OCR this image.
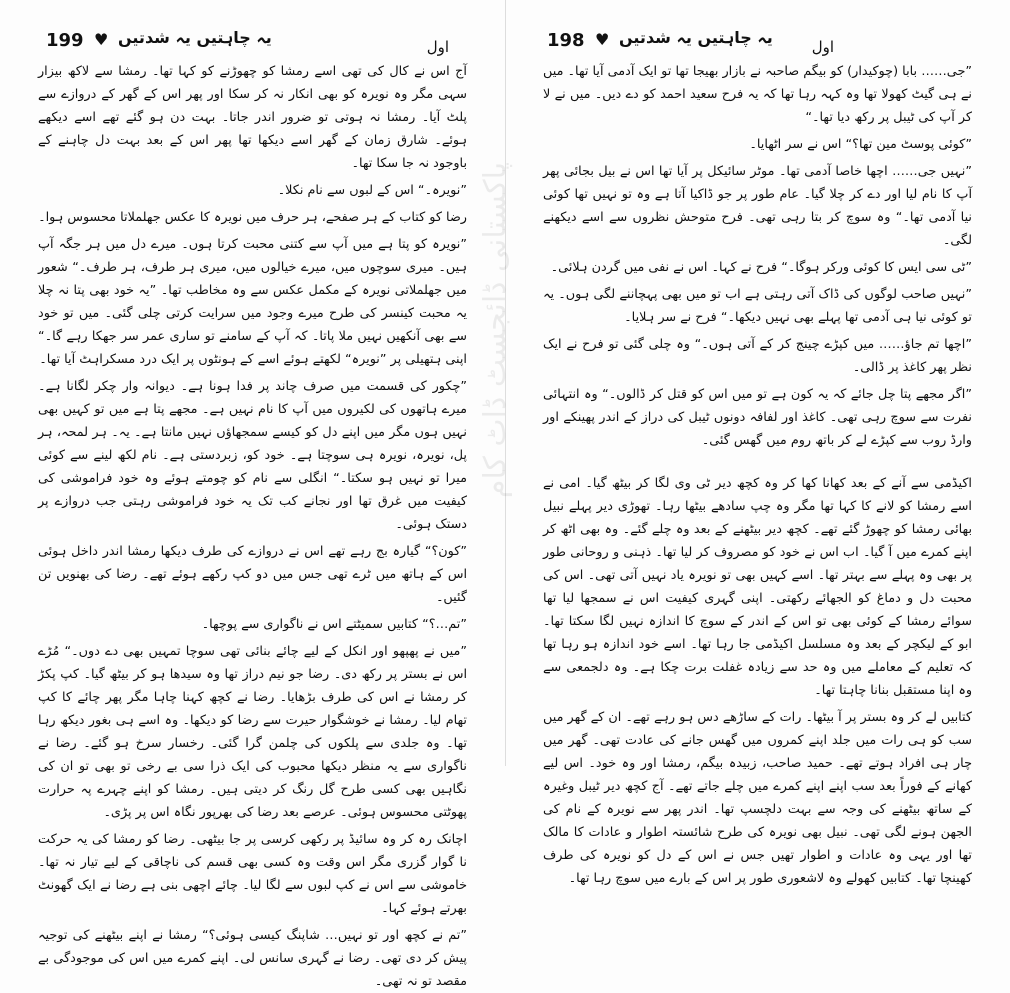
199 ♥ یہ چاہتیں یہ شدتیں	اول

آج اس نے کال کی تھی اسے رمشا کو چھوڑنے کو کہا تھا۔ رمشا سے لاکھ بیزار سہی مگر وہ نویرہ کو بھی انکار نہ کر سکا اور پھر اس کے گھر کے دروازے سے پلٹ آیا۔ رمشا نہ ہوتی تو ضرور اندر جاتا۔ بہت دن ہو گئے تھے اسے دیکھے ہوئے۔ شارق زمان کے گھر اسے دیکھا تھا پھر اس کے بعد بہت دل چاہنے کے باوجود نہ جا سکا تھا۔

”نویرہ۔“ اس کے لبوں سے نام نکلا۔

رضا کو کتاب کے ہر صفحے، ہر حرف میں نویرہ کا عکس جھلملاتا محسوس ہوا۔

”نویرہ کو پتا ہے میں آپ سے کتنی محبت کرتا ہوں۔ میرے دل میں ہر جگہ آپ ہیں۔ میری سوچوں میں، میرے خیالوں میں، میری ہر طرف، ہر طرف۔“ شعور میں جھلملاتی نویرہ کے مکمل عکس سے وہ مخاطب تھا۔ ”یہ خود بھی پتا نہ چلا یہ محبت کینسر کی طرح میرے وجود میں سرایت کرتی چلی گئی۔ میں تو خود سے بھی آنکھیں نہیں ملا پاتا۔ کہ آپ کے سامنے تو ساری عمر سر جھکا رہے گا۔“ اپنی ہتھیلی پر ”نویرہ“ لکھتے ہوئے اسے کے ہونٹوں پر ایک درد مسکراہٹ آیا تھا۔

”چکور کی قسمت میں صرف چاند پر فدا ہونا ہے۔ دیوانہ وار چکر لگانا ہے۔ میرے ہاتھوں کی لکیروں میں آپ کا نام نہیں ہے۔ مجھے پتا ہے میں تو کہیں بھی نہیں ہوں مگر میں اپنے دل کو کیسے سمجھاؤں نہیں مانتا ہے۔ یہ۔ ہر لمحہ، ہر پل، نویرہ، نویرہ ہی سوچتا ہے۔ خود کو، زبردستی ہے۔ نام لکھ لینے سے کوئی میرا تو نہیں ہو سکتا۔“ انگلی سے نام کو چومتے ہوئے وہ خود فراموشی کی کیفیت میں غرق تھا اور نجانے کب تک یہ خود فراموشی رہتی جب دروازے پر دستک ہوئی۔

”کون؟“ گیارہ بج رہے تھے اس نے دروازے کی طرف دیکھا رمشا اندر داخل ہوئی اس کے ہاتھ میں ٹرے تھی جس میں دو کپ رکھے ہوئے تھے۔ رضا کی بھنویں تن گئیں۔

”تم…؟“ کتابیں سمیٹتے اس نے ناگواری سے پوچھا۔

”میں نے پھپھو اور انکل کے لیے چائے بنائی تھی سوچا تمہیں بھی دے دوں۔“ مُڑے اس نے بستر پر رکھ دی۔ رضا جو نیم دراز تھا وہ سیدھا ہو کر بیٹھ گیا۔ کپ پکڑ کر رمشا نے اس کی طرف بڑھایا۔ رضا نے کچھ کہنا چاہا مگر پھر چائے کا کپ تھام لیا۔ رمشا نے خوشگوار حیرت سے رضا کو دیکھا۔ وہ اسے ہی بغور دیکھ رہا تھا۔ وہ جلدی سے پلکوں کی چلمن گرا گئی۔ رخسار سرخ ہو گئے۔ رضا نے ناگواری سے یہ منظر دیکھا محبوب کی ایک ذرا سی بے رخی تو بھی تو ان کی نگاہیں بھی کسی طرح گل رنگ کر دیتی ہیں۔ رمشا کو اپنے چہرے پہ حرارت پھوٹتی محسوس ہوئی۔ عرصے بعد رضا کی بھرپور نگاہ اس پر پڑی۔

اچانک رہ کر وہ سائیڈ پر رکھی کرسی پر جا بیٹھی۔ رضا کو رمشا کی یہ حرکت نا گوار گزری مگر اس وقت وہ کسی بھی قسم کی ناچاقی کے لیے تیار نہ تھا۔ خاموشی سے اس نے کپ لبوں سے لگا لیا۔ چائے اچھی بنی ہے رضا نے ایک گھونٹ بھرتے ہوئے کہا۔

”تم نے کچھ اور تو نہیں… شاپنگ کیسی ہوئی؟“ رمشا نے اپنے بیٹھنے کی توجیہ پیش کر دی تھی۔ رضا نے گہری سانس لی۔ اپنے کمرے میں اس کی موجودگی بے مقصد تو نہ تھی۔

198 ♥ یہ چاہتیں یہ شدتیں	اول

”جی…… بابا (چوکیدار) کو بیگم صاحبہ نے بازار بھیجا تھا تو ایک آدمی آیا تھا۔ میں نے ہی گیٹ کھولا تھا وہ کہہ رہا تھا کہ یہ فرح سعید احمد کو دے دیں۔ میں نے لا کر آپ کی ٹیبل پر رکھ دیا تھا۔“

”کوئی پوسٹ مین تھا؟“ اس نے سر اٹھایا۔

”نہیں جی…… اچھا خاصا آدمی تھا۔ موٹر سائیکل پر آیا تھا اس نے بیل بجائی پھر آپ کا نام لیا اور دے کر چلا گیا۔ عام طور پر جو ڈاکیا آتا ہے وہ تو نہیں تھا کوئی نیا آدمی تھا۔“ وہ سوچ کر بتا رہی تھی۔ فرح متوحش نظروں سے اسے دیکھنے لگی۔

”ٹی سی ایس کا کوئی ورکر ہوگا۔“ فرح نے کہا۔ اس نے نفی میں گردن ہلائی۔

”نہیں صاحب لوگوں کی ڈاک آتی رہتی ہے اب تو میں بھی پہچاننے لگی ہوں۔ یہ تو کوئی نیا ہی آدمی تھا پہلے بھی نہیں دیکھا۔“ فرح نے سر ہلایا۔

”اچھا تم جاؤ…… میں کپڑے چینج کر کے آتی ہوں۔“ وہ چلی گئی تو فرح نے ایک نظر پھر کاغذ پر ڈالی۔

”اگر مجھے پتا چل جائے کہ یہ کون ہے تو میں اس کو قتل کر ڈالوں۔“ وہ انتہائی نفرت سے سوچ رہی تھی۔ کاغذ اور لفافہ دونوں ٹیبل کی دراز کے اندر پھینکے اور وارڈ روب سے کپڑے لے کر باتھ روم میں گھس گئی۔

اکیڈمی سے آنے کے بعد کھانا کھا کر وہ کچھ دیر ٹی وی لگا کر بیٹھ گیا۔ امی نے اسے رمشا کو لانے کا کہا تھا مگر وہ چپ سادھے بیٹھا رہا۔ تھوڑی دیر پہلے نبیل بھائی رمشا کو چھوڑ گئے تھے۔ کچھ دیر بیٹھنے کے بعد وہ چلے گئے۔ وہ بھی اٹھ کر اپنے کمرے میں آ گیا۔ اب اس نے خود کو مصروف کر لیا تھا۔ ذہنی و روحانی طور پر بھی وہ پہلے سے بہتر تھا۔ اسے کہیں بھی تو نویرہ یاد نہیں آتی تھی۔ اس کی محبت دل و دماغ کو الجھائے رکھتی۔ اپنی گہری کیفیت اس نے سمجھا لیا تھا سوائے رمشا کے کوئی بھی تو اس کے اندر کے سوچ کا اندازہ نہیں لگا سکتا تھا۔ ابو کے لیکچر کے بعد وہ مسلسل اکیڈمی جا رہا تھا۔ اسے خود اندازہ ہو رہا تھا کہ تعلیم کے معاملے میں وہ حد سے زیادہ غفلت برت چکا ہے۔ وہ دلجمعی سے وہ اپنا مستقبل بنانا چاہتا تھا۔

کتابیں لے کر وہ بستر پر آ بیٹھا۔ رات کے ساڑھے دس ہو رہے تھے۔ ان کے گھر میں سب کو ہی رات میں جلد اپنے کمروں میں گھس جانے کی عادت تھی۔ گھر میں چار ہی افراد ہوتے تھے۔ حمید صاحب، زبیدہ بیگم، رمشا اور وہ خود۔ اس لیے کھانے کے فوراً بعد سب اپنے اپنے کمرے میں چلے جاتے تھے۔ آج کچھ دیر ٹیبل وغیرہ کے ساتھ بیٹھنے کی وجہ سے بہت دلچسپ تھا۔ اندر پھر سے نویرہ کے نام کی الجھن ہونے لگی تھی۔ نبیل بھی نویرہ کی طرح شائستہ اطوار و عادات کا مالک تھا اور یہی وہ عادات و اطوار تھیں جس نے اس کے دل کو نویرہ کی طرف کھینچا تھا۔ کتابیں کھولے وہ لاشعوری طور پر اس کے بارے میں سوچ رہا تھا۔

پاکستانی ڈائجسٹ ڈاٹ کام
